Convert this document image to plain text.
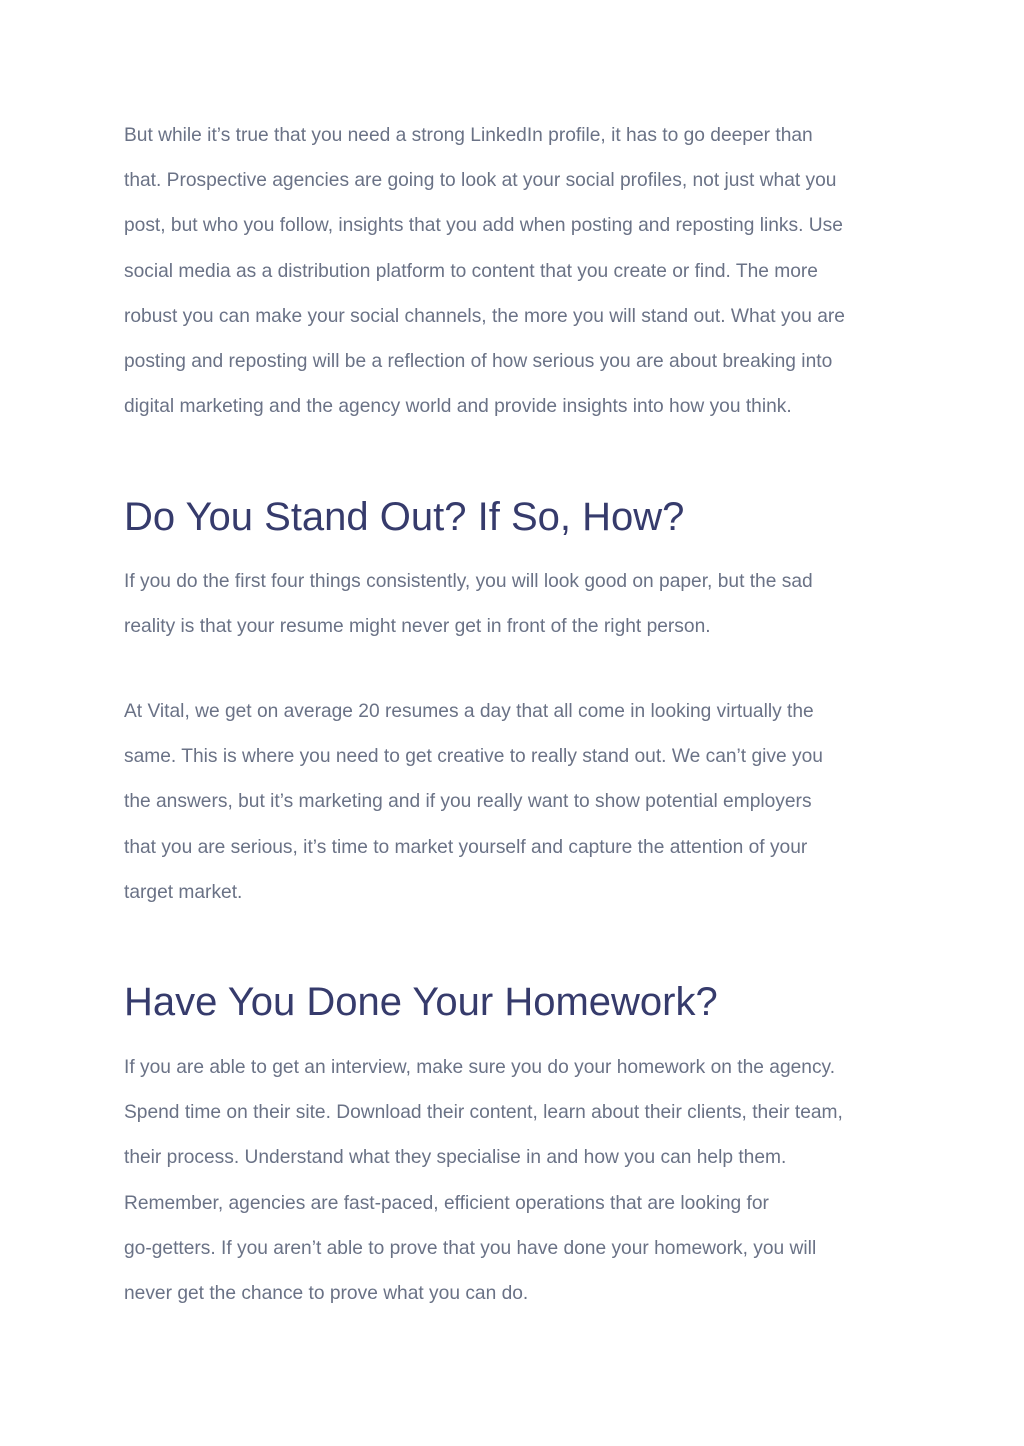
But while it’s true that you need a strong LinkedIn profile, it has to go deeper than
that. Prospective agencies are going to look at your social profiles, not just what you
post, but who you follow, insights that you add when posting and reposting links. Use
social media as a distribution platform to content that you create or find. The more
robust you can make your social channels, the more you will stand out. What you are
posting and reposting will be a reflection of how serious you are about breaking into
digital marketing and the agency world and provide insights into how you think.

Do You Stand Out? If So, How?

If you do the first four things consistently, you will look good on paper, but the sad
reality is that your resume might never get in front of the right person.

At Vital, we get on average 20 resumes a day that all come in looking virtually the
same. This is where you need to get creative to really stand out. We can’t give you
the answers, but it’s marketing and if you really want to show potential employers
that you are serious, it’s time to market yourself and capture the attention of your
target market.

Have You Done Your Homework?

If you are able to get an interview, make sure you do your homework on the agency.
Spend time on their site. Download their content, learn about their clients, their team,
their process. Understand what they specialise in and how you can help them.
Remember, agencies are fast-paced, efficient operations that are looking for
go-getters. If you aren’t able to prove that you have done your homework, you will
never get the chance to prove what you can do.
